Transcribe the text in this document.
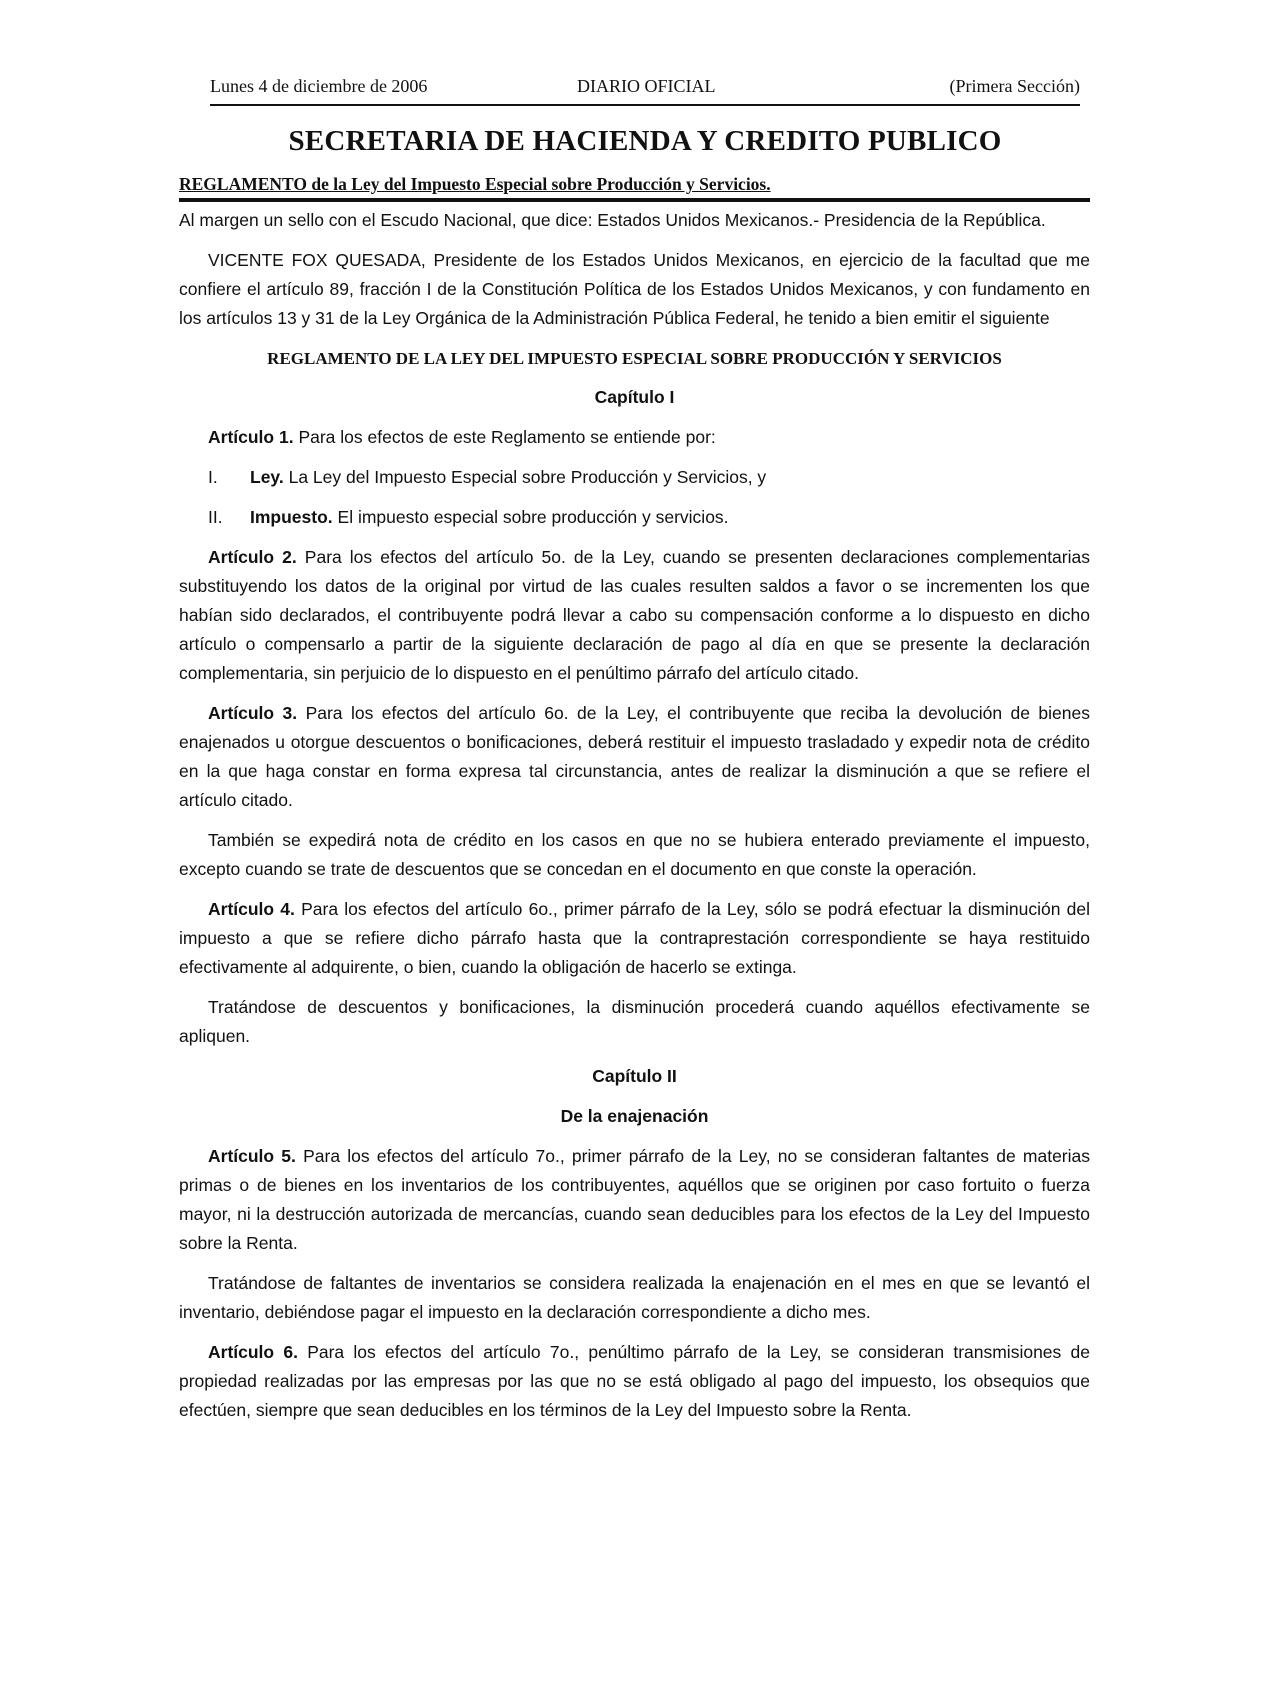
Lunes 4 de diciembre de 2006	DIARIO OFICIAL	(Primera Sección)
SECRETARIA DE HACIENDA Y CREDITO PUBLICO
REGLAMENTO de la Ley del Impuesto Especial sobre Producción y Servicios.

Al margen un sello con el Escudo Nacional, que dice: Estados Unidos Mexicanos.- Presidencia de la República.

VICENTE FOX QUESADA, Presidente de los Estados Unidos Mexicanos, en ejercicio de la facultad que me confiere el artículo 89, fracción I de la Constitución Política de los Estados Unidos Mexicanos, y con fundamento en los artículos 13 y 31 de la Ley Orgánica de la Administración Pública Federal, he tenido a bien emitir el siguiente

REGLAMENTO DE LA LEY DEL IMPUESTO ESPECIAL SOBRE PRODUCCIÓN Y SERVICIOS
Capítulo I

Artículo 1. Para los efectos de este Reglamento se entiende por:

I.	Ley. La Ley del Impuesto Especial sobre Producción y Servicios, y
II.	Impuesto. El impuesto especial sobre producción y servicios.

Artículo 2. Para los efectos del artículo 5o. de la Ley, cuando se presenten declaraciones complementarias substituyendo los datos de la original por virtud de las cuales resulten saldos a favor o se incrementen los que habían sido declarados, el contribuyente podrá llevar a cabo su compensación conforme a lo dispuesto en dicho artículo o compensarlo a partir de la siguiente declaración de pago al día en que se presente la declaración complementaria, sin perjuicio de lo dispuesto en el penúltimo párrafo del artículo citado.

Artículo 3. Para los efectos del artículo 6o. de la Ley, el contribuyente que reciba la devolución de bienes enajenados u otorgue descuentos o bonificaciones, deberá restituir el impuesto trasladado y expedir nota de crédito en la que haga constar en forma expresa tal circunstancia, antes de realizar la disminución a que se refiere el artículo citado.

También se expedirá nota de crédito en los casos en que no se hubiera enterado previamente el impuesto, excepto cuando se trate de descuentos que se concedan en el documento en que conste la operación.

Artículo 4. Para los efectos del artículo 6o., primer párrafo de la Ley, sólo se podrá efectuar la disminución del impuesto a que se refiere dicho párrafo hasta que la contraprestación correspondiente se haya restituido efectivamente al adquirente, o bien, cuando la obligación de hacerlo se extinga.

Tratándose de descuentos y bonificaciones, la disminución procederá cuando aquéllos efectivamente se apliquen.

Capítulo II
De la enajenación

Artículo 5. Para los efectos del artículo 7o., primer párrafo de la Ley, no se consideran faltantes de materias primas o de bienes en los inventarios de los contribuyentes, aquéllos que se originen por caso fortuito o fuerza mayor, ni la destrucción autorizada de mercancías, cuando sean deducibles para los efectos de la Ley del Impuesto sobre la Renta.

Tratándose de faltantes de inventarios se considera realizada la enajenación en el mes en que se levantó el inventario, debiéndose pagar el impuesto en la declaración correspondiente a dicho mes.

Artículo 6. Para los efectos del artículo 7o., penúltimo párrafo de la Ley, se consideran transmisiones de propiedad realizadas por las empresas por las que no se está obligado al pago del impuesto, los obsequios que efectúen, siempre que sean deducibles en los términos de la Ley del Impuesto sobre la Renta.
